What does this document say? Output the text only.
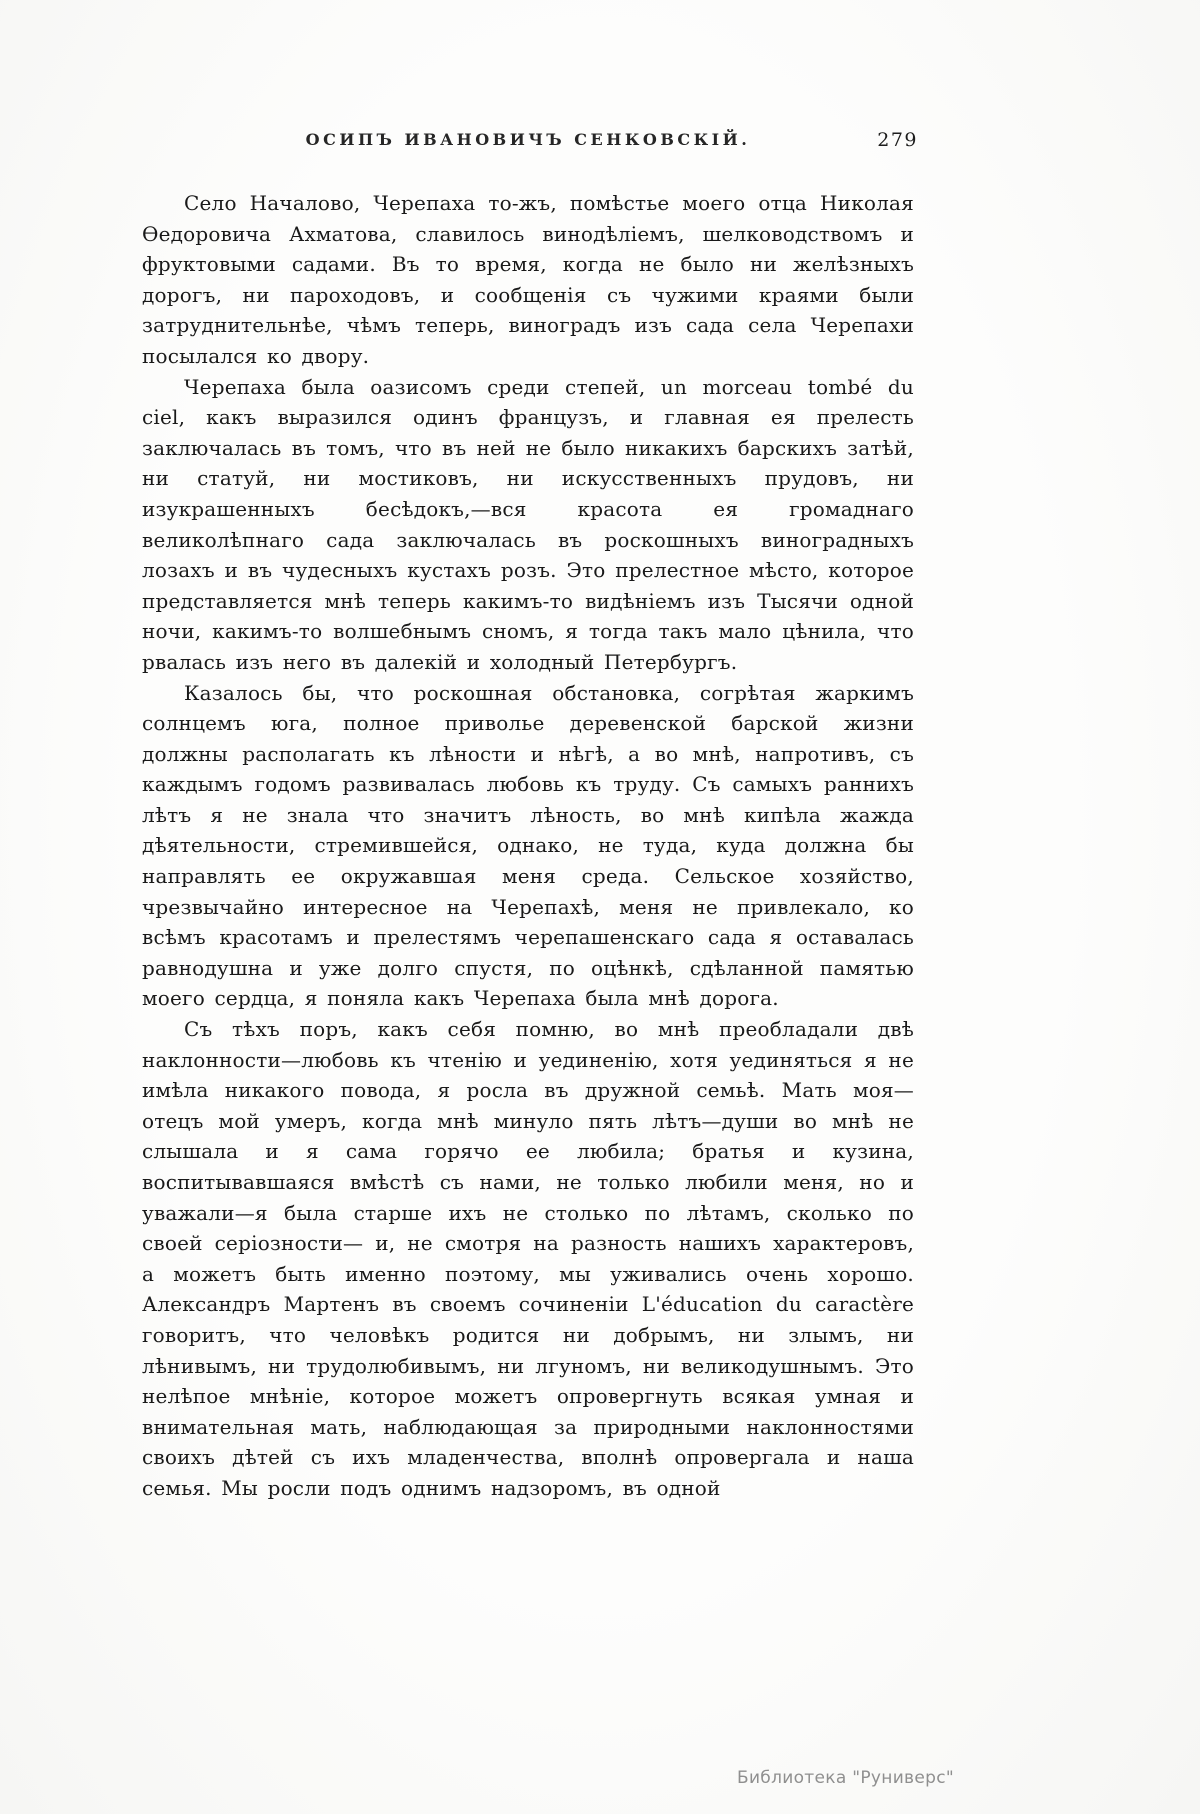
ОСИПЪ ИВАНОВИЧЪ СЕНКОВСКІЙ.	279

Село Началово, Черепаха то-жъ, помѣстье моего отца Николая Ѳедоровича Ахматова, славилось винодѣліемъ, шелководствомъ и фруктовыми садами. Въ то время, когда не было ни желѣзныхъ дорогъ, ни пароходовъ, и сообщенія съ чужими краями были затруднительнѣе, чѣмъ теперь, виноградъ изъ сада села Черепахи посылался ко двору.

Черепаха была оазисомъ среди степей, un morceau tombé du ciel, какъ выразился одинъ французъ, и главная ея прелесть заключалась въ томъ, что въ ней не было никакихъ барскихъ затѣй, ни статуй, ни мостиковъ, ни искусственныхъ прудовъ, ни изукрашенныхъ бесѣдокъ,—вся красота ея громаднаго великолѣпнаго сада заключалась въ роскошныхъ виноградныхъ лозахъ и въ чудесныхъ кустахъ розъ. Это прелестное мѣсто, которое представляется мнѣ теперь какимъ-то видѣніемъ изъ Тысячи одной ночи, какимъ-то волшебнымъ сномъ, я тогда такъ мало цѣнила, что рвалась изъ него въ далекій и холодный Петербургъ.

Казалось бы, что роскошная обстановка, согрѣтая жаркимъ солнцемъ юга, полное приволье деревенской барской жизни должны располагать къ лѣности и нѣгѣ, а во мнѣ, напротивъ, съ каждымъ годомъ развивалась любовь къ труду. Съ самыхъ раннихъ лѣтъ я не знала что значитъ лѣность, во мнѣ кипѣла жажда дѣятельности, стремившейся, однако, не туда, куда должна бы направлять ее окружавшая меня среда. Сельское хозяйство, чрезвычайно интересное на Черепахѣ, меня не привлекало, ко всѣмъ красотамъ и прелестямъ черепашенскаго сада я оставалась равнодушна и уже долго спустя, по оцѣнкѣ, сдѣланной памятью моего сердца, я поняла какъ Черепаха была мнѣ дорога.

Съ тѣхъ поръ, какъ себя помню, во мнѣ преобладали двѣ наклонности—любовь къ чтенію и уединенію, хотя уединяться я не имѣла никакого повода, я росла въ дружной семьѣ. Мать моя— отецъ мой умеръ, когда мнѣ минуло пять лѣтъ—души во мнѣ не слышала и я сама горячо ее любила; братья и кузина, воспитывавшаяся вмѣстѣ съ нами, не только любили меня, но и уважали—я была старше ихъ не столько по лѣтамъ, сколько по своей серіозности— и, не смотря на разность нашихъ характеровъ, а можетъ быть именно поэтому, мы уживались очень хорошо. Александръ Мартенъ въ своемъ сочиненіи L'éducation du caractère говоритъ, что человѣкъ родится ни добрымъ, ни злымъ, ни лѣнивымъ, ни трудолюбивымъ, ни лгуномъ, ни великодушнымъ. Это нелѣпое мнѣніе, которое можетъ опровергнуть всякая умная и внимательная мать, наблюдающая за природными наклонностями своихъ дѣтей съ ихъ младенчества, вполнѣ опровергала и наша семья. Мы росли подъ однимъ надзоромъ, въ одной

Библиотека "Руниверс"
